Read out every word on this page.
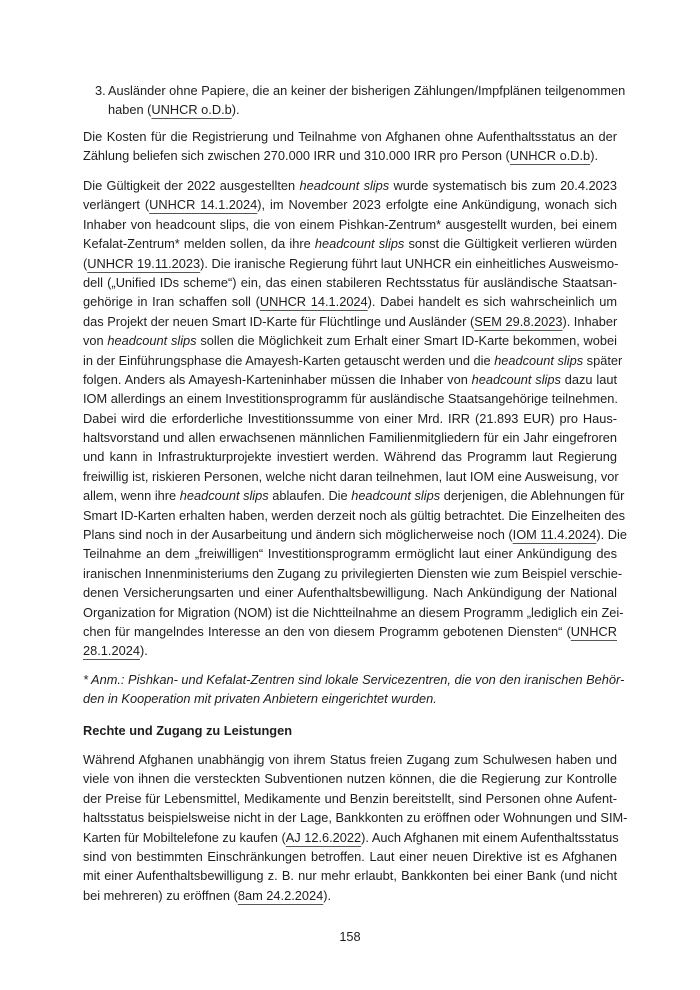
3. Ausländer ohne Papiere, die an keiner der bisherigen Zählungen/Impfplänen teilgenommen
haben (UNHCR o.D.b).
Die Kosten für die Registrierung und Teilnahme von Afghanen ohne Aufenthaltsstatus an der
Zählung beliefen sich zwischen 270.000 IRR und 310.000 IRR pro Person (UNHCR o.D.b).
Die Gültigkeit der 2022 ausgestellten headcount slips wurde systematisch bis zum 20.4.2023
verlängert (UNHCR 14.1.2024), im November 2023 erfolgte eine Ankündigung, wonach sich
Inhaber von headcount slips, die von einem Pishkan-Zentrum* ausgestellt wurden, bei einem
Kefalat-Zentrum* melden sollen, da ihre headcount slips sonst die Gültigkeit verlieren würden
(UNHCR 19.11.2023). Die iranische Regierung führt laut UNHCR ein einheitliches Ausweismo-
dell („Unified IDs scheme“) ein, das einen stabileren Rechtsstatus für ausländische Staatsan-
gehörige in Iran schaffen soll (UNHCR 14.1.2024). Dabei handelt es sich wahrscheinlich um
das Projekt der neuen Smart ID-Karte für Flüchtlinge und Ausländer (SEM 29.8.2023). Inhaber
von headcount slips sollen die Möglichkeit zum Erhalt einer Smart ID-Karte bekommen, wobei
in der Einführungsphase die Amayesh-Karten getauscht werden und die headcount slips später
folgen. Anders als Amayesh-Karteninhaber müssen die Inhaber von headcount slips dazu laut
IOM allerdings an einem Investitionsprogramm für ausländische Staatsangehörige teilnehmen.
Dabei wird die erforderliche Investitionssumme von einer Mrd. IRR (21.893 EUR) pro Haus-
haltsvorstand und allen erwachsenen männlichen Familienmitgliedern für ein Jahr eingefroren
und kann in Infrastrukturprojekte investiert werden. Während das Programm laut Regierung
freiwillig ist, riskieren Personen, welche nicht daran teilnehmen, laut IOM eine Ausweisung, vor
allem, wenn ihre headcount slips ablaufen. Die headcount slips derjenigen, die Ablehnungen für
Smart ID-Karten erhalten haben, werden derzeit noch als gültig betrachtet. Die Einzelheiten des
Plans sind noch in der Ausarbeitung und ändern sich möglicherweise noch (IOM 11.4.2024). Die
Teilnahme an dem „freiwilligen“ Investitionsprogramm ermöglicht laut einer Ankündigung des
iranischen Innenministeriums den Zugang zu privilegierten Diensten wie zum Beispiel verschie-
denen Versicherungsarten und einer Aufenthaltsbewilligung. Nach Ankündigung der National
Organization for Migration (NOM) ist die Nichtteilnahme an diesem Programm „lediglich ein Zei-
chen für mangelndes Interesse an den von diesem Programm gebotenen Diensten“ (UNHCR
28.1.2024).
* Anm.: Pishkan- und Kefalat-Zentren sind lokale Servicezentren, die von den iranischen Behör-
den in Kooperation mit privaten Anbietern eingerichtet wurden.
Rechte und Zugang zu Leistungen
Während Afghanen unabhängig von ihrem Status freien Zugang zum Schulwesen haben und
viele von ihnen die versteckten Subventionen nutzen können, die die Regierung zur Kontrolle
der Preise für Lebensmittel, Medikamente und Benzin bereitstellt, sind Personen ohne Aufent-
haltsstatus beispielsweise nicht in der Lage, Bankkonten zu eröffnen oder Wohnungen und SIM-
Karten für Mobiltelefone zu kaufen (AJ 12.6.2022). Auch Afghanen mit einem Aufenthaltsstatus
sind von bestimmten Einschränkungen betroffen. Laut einer neuen Direktive ist es Afghanen
mit einer Aufenthaltsbewilligung z. B. nur mehr erlaubt, Bankkonten bei einer Bank (und nicht
bei mehreren) zu eröffnen (8am 24.2.2024).
158
